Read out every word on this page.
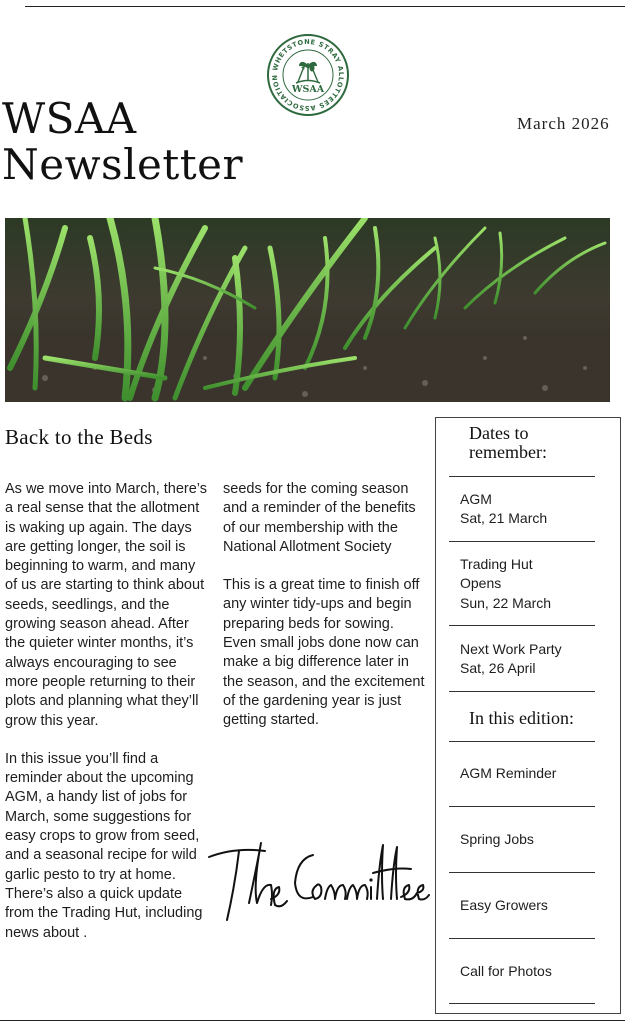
WHETSTONE STRAY ALLOTTEES ASSOCIATION
WSAA
WSAA
Newsletter
March 2026
Back to the Beds

As we move into March, there’s a real sense that the allotment is waking up again. The days are getting longer, the soil is beginning to warm, and many of us are starting to think about seeds, seedlings, and the growing season ahead. After the quieter winter months, it’s always encouraging to see more people returning to their plots and planning what they’ll grow this year.

In this issue you’ll find a reminder about the upcoming AGM, a handy list of jobs for March, some suggestions for easy crops to grow from seed, and a seasonal recipe for wild garlic pesto to try at home. There’s also a quick update from the Trading Hut, including news about .

seeds for the coming season and a reminder of the benefits of our membership with the National Allotment Society

This is a great time to finish off any winter tidy-ups and begin preparing beds for sowing. Even small jobs done now can make a big difference later in the season, and the excitement of the gardening year is just getting started.

Dates to
remember:
AGM
Sat, 21 March
Trading Hut
Opens
Sun, 22 March
Next Work Party
Sat, 26 April
In this edition:
AGM Reminder
Spring Jobs
Easy Growers
Call for Photos
